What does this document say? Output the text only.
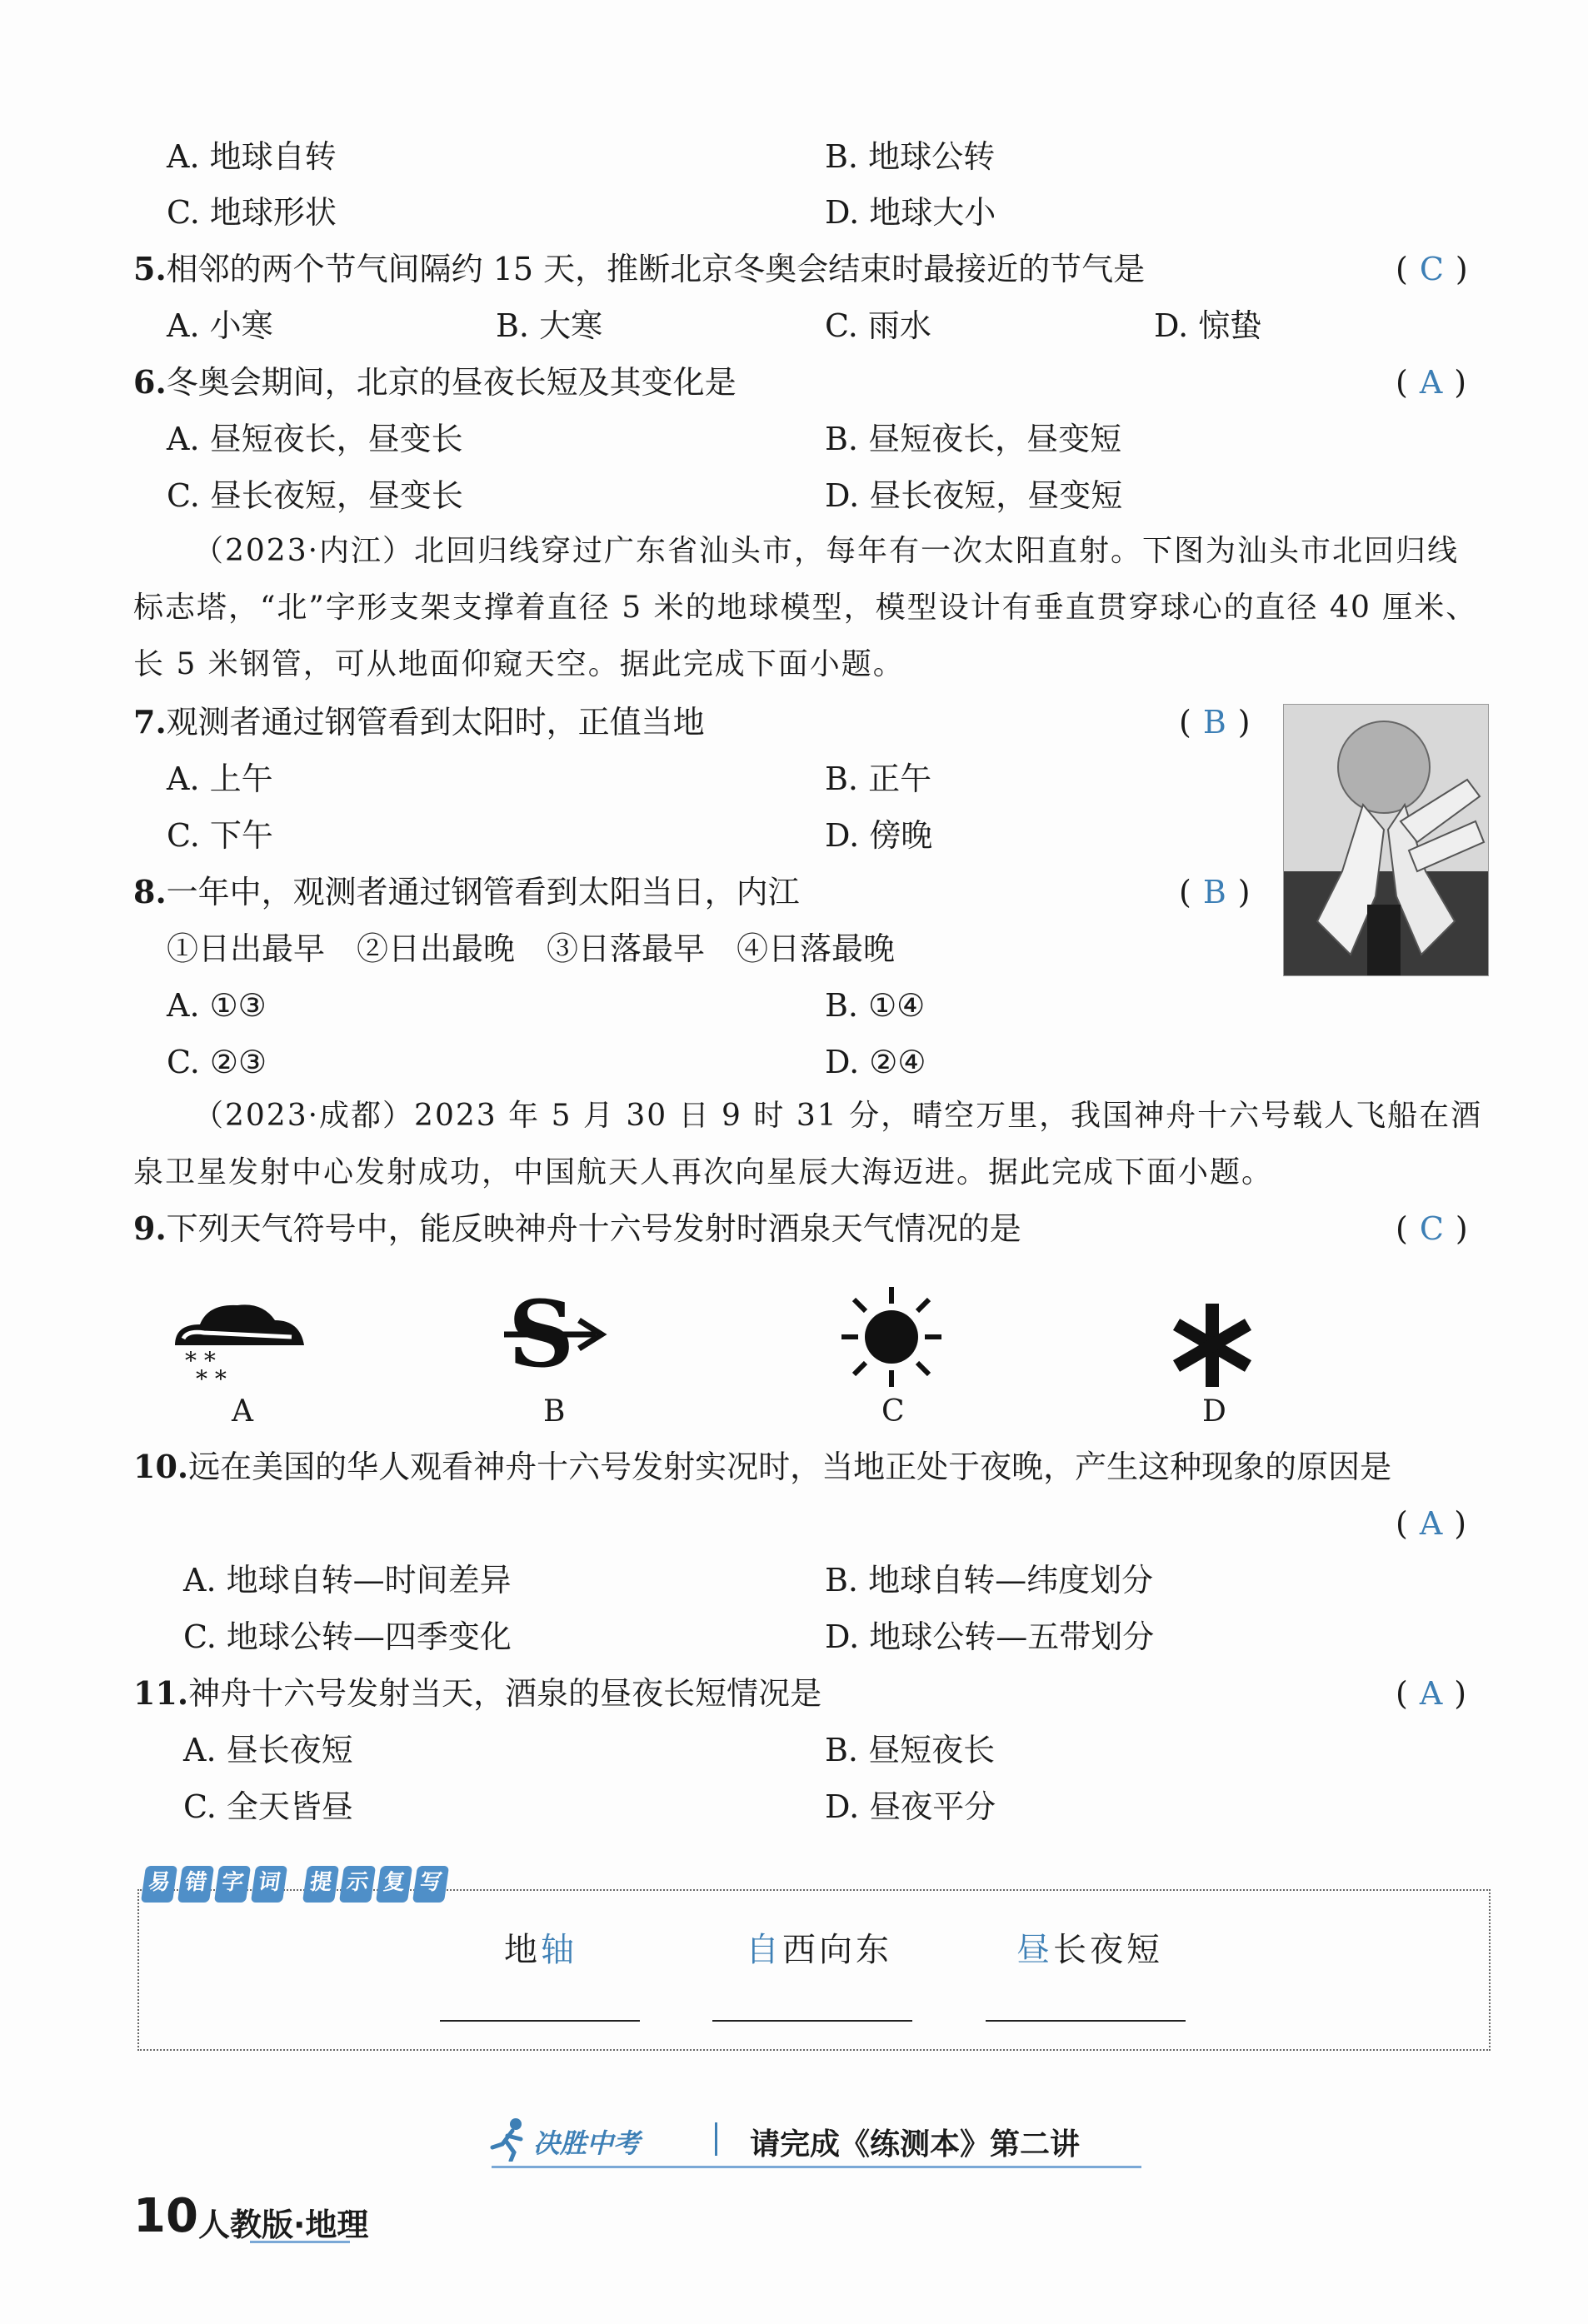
A. 地球自转	B. 地球公转
C. 地球形状	D. 地球大小
5.相邻的两个节气间隔约 15 天，推断北京冬奥会结束时最接近的节气是	( C )
A. 小寒	B. 大寒	C. 雨水	D. 惊蛰
6.冬奥会期间，北京的昼夜长短及其变化是	( A )
A. 昼短夜长，昼变长	B. 昼短夜长，昼变短
C. 昼长夜短，昼变长	D. 昼长夜短，昼变短
（2023·内江）北回归线穿过广东省汕头市，每年有一次太阳直射。下图为汕头市北回归线标志塔，“北”字形支架支撑着直径 5 米的地球模型，模型设计有垂直贯穿球心的直径 40 厘米、长 5 米钢管，可从地面仰窥天空。据此完成下面小题。
7.观测者通过钢管看到太阳时，正值当地	( B )
A. 上午	B. 正午
C. 下午	D. 傍晚
8.一年中，观测者通过钢管看到太阳当日，内江	( B )
①日出最早　②日出最晚　③日落最早　④日落最晚
A. ①③	B. ①④
C. ②③	D. ②④
（2023·成都）2023 年 5 月 30 日 9 时 31 分，晴空万里，我国神舟十六号载人飞船在酒泉卫星发射中心发射成功，中国航天人再次向星辰大海迈进。据此完成下面小题。
9.下列天气符号中，能反映神舟十六号发射时酒泉天气情况的是	( C )
* *
* *	S
A	B	C	D
10.远在美国的华人观看神舟十六号发射实况时，当地正处于夜晚，产生这种现象的原因是
( A )
A. 地球自转—时间差异	B. 地球自转—纬度划分
C. 地球公转—四季变化	D. 地球公转—五带划分
11.神舟十六号发射当天，酒泉的昼夜长短情况是	( A )
A. 昼长夜短	B. 昼短夜长
C. 全天皆昼	D. 昼夜平分
易 错 字 词 提 示 复 写
地轴	自西向东	昼长夜短
决胜中考	请完成《练测本》第二讲
10 人教版·地理
